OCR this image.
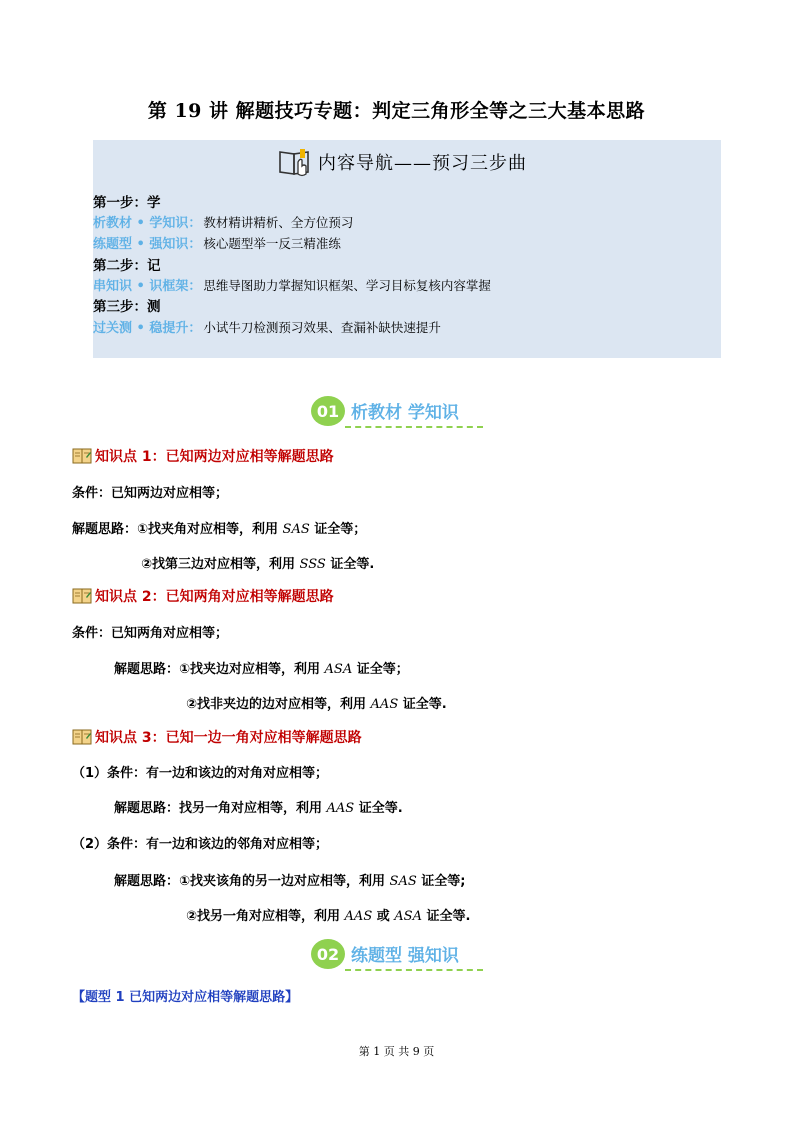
第 19 讲 解题技巧专题：判定三角形全等之三大基本思路
内容导航——预习三步曲
第一步：学
析教材 • 学知识： 教材精讲精析、全方位预习
练题型 • 强知识： 核心题型举一反三精准练
第二步：记
串知识 • 识框架： 思维导图助力掌握知识框架、学习目标复核内容掌握
第三步：测
过关测 • 稳提升： 小试牛刀检测预习效果、查漏补缺快速提升
01 析教材 学知识
知识点 1：已知两边对应相等解题思路
条件：已知两边对应相等；
解题思路：①找夹角对应相等，利用 SAS 证全等；
②找第三边对应相等，利用 SSS 证全等.
知识点 2：已知两角对应相等解题思路
条件：已知两角对应相等；
解题思路：①找夹边对应相等，利用 ASA 证全等；
②找非夹边的边对应相等，利用 AAS 证全等.
知识点 3：已知一边一角对应相等解题思路
（1）条件：有一边和该边的对角对应相等；
解题思路：找另一角对应相等，利用 AAS 证全等.
（2）条件：有一边和该边的邻角对应相等；
解题思路：①找夹该角的另一边对应相等，利用 SAS 证全等;
②找另一角对应相等，利用 AAS 或 ASA 证全等.
02 练题型 强知识
【题型 1 已知两边对应相等解题思路】
第 1 页 共 9 页
